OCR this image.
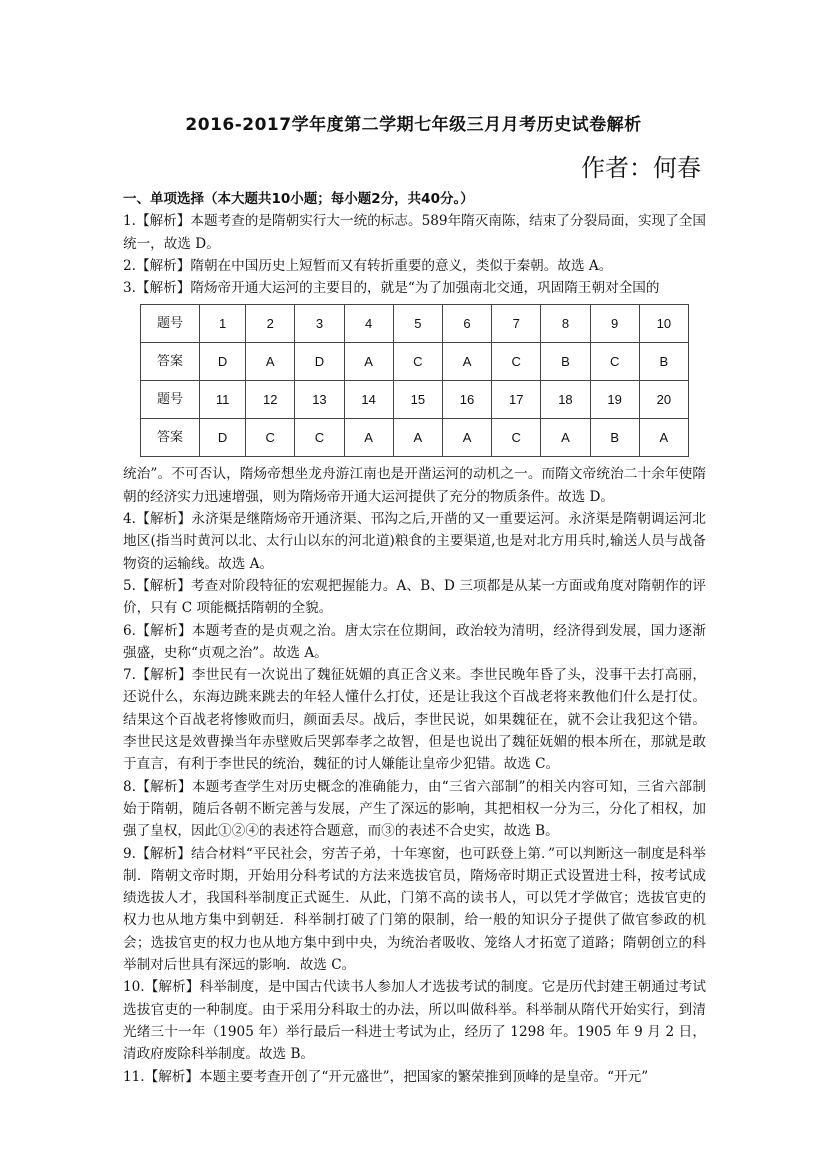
2016-2017学年度第二学期七年级三月月考历史试卷解析
作者：何春

一、单项选择（本大题共10小题；每小题2分，共40分。）

1.【解析】本题考查的是隋朝实行大一统的标志。589年隋灭南陈，结束了分裂局面，实现了全国统一，故选 D。

2.【解析】隋朝在中国历史上短暂而又有转折重要的意义，类似于秦朝。故选 A。

3.【解析】隋炀帝开通大运河的主要目的，就是“为了加强南北交通，巩固隋王朝对全国的

题号	1	2	3	4	5	6	7	8	9	10
答案	D	A	D	A	C	A	C	B	C	B
题号	11	12	13	14	15	16	17	18	19	20
答案	D	C	C	A	A	A	C	A	B	A

统治”。不可否认，隋炀帝想坐龙舟游江南也是开凿运河的动机之一。而隋文帝统治二十余年使隋朝的经济实力迅速增强，则为隋炀帝开通大运河提供了充分的物质条件。故选 D。

4.【解析】永济渠是继隋炀帝开通济渠、邗沟之后,开凿的又一重要运河。永济渠是隋朝调运河北地区(指当时黄河以北、太行山以东的河北道)粮食的主要渠道,也是对北方用兵时,输送人员与战备物资的运输线。故选 A。

5.【解析】考查对阶段特征的宏观把握能力。A、B、D 三项都是从某一方面或角度对隋朝作的评价，只有 C 项能概括隋朝的全貌。

6.【解析】本题考查的是贞观之治。唐太宗在位期间，政治较为清明，经济得到发展，国力逐渐强盛，史称“贞观之治”。故选 A。

7.【解析】李世民有一次说出了魏征妩媚的真正含义来。李世民晚年昏了头，没事干去打高丽，还说什么，东海边跳来跳去的年轻人懂什么打仗，还是让我这个百战老将来教他们什么是打仗。结果这个百战老将惨败而归，颜面丢尽。战后，李世民说，如果魏征在，就不会让我犯这个错。李世民这是效曹操当年赤壁败后哭郭奉孝之故智，但是也说出了魏征妩媚的根本所在，那就是敢于直言，有利于李世民的统治，魏征的讨人嫌能让皇帝少犯错。故选 C。

8.【解析】本题考查学生对历史概念的准确能力，由“三省六部制”的相关内容可知，三省六部制始于隋朝，随后各朝不断完善与发展，产生了深远的影响，其把相权一分为三，分化了相权，加强了皇权，因此①②④的表述符合题意，而③的表述不合史实，故选 B。

9.【解析】结合材料“平民社会，穷苦子弟，十年寒窗，也可跃登上第．”可以判断这一制度是科举制．隋朝文帝时期，开始用分科考试的方法来选拔官员，隋炀帝时期正式设置进士科，按考试成绩选拔人才，我国科举制度正式诞生．从此，门第不高的读书人，可以凭才学做官；选拔官吏的权力也从地方集中到朝廷．科举制打破了门第的限制，给一般的知识分子提供了做官参政的机会；选拔官吏的权力也从地方集中到中央，为统治者吸收、笼络人才拓宽了道路；隋朝创立的科举制对后世具有深远的影响．故选 C。

10.【解析】科举制度，是中国古代读书人参加人才选拔考试的制度。它是历代封建王朝通过考试选拔官吏的一种制度。由于采用分科取士的办法，所以叫做科举。科举制从隋代开始实行，到清光绪三十一年（1905 年）举行最后一科进士考试为止，经历了 1298 年。1905 年 9 月 2 日，清政府废除科举制度。故选 B。

11.【解析】本题主要考查开创了“开元盛世”，把国家的繁荣推到顶峰的是皇帝。“开元”
